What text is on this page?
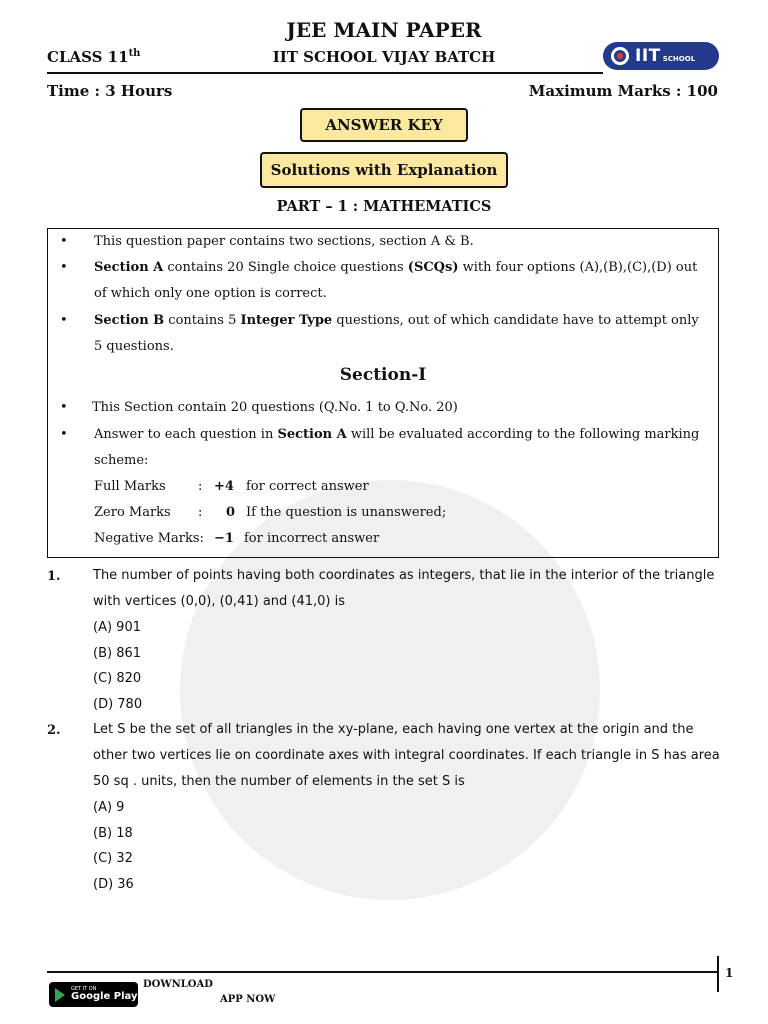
JEE MAIN PAPER
CLASS 11th	IIT SCHOOL VIJAY BATCH	IIT SCHOOL
Time : 3 Hours	Maximum Marks : 100
ANSWER KEY
Solutions with Explanation
PART – 1 : MATHEMATICS
• This question paper contains two sections, section A & B.
• Section A contains 20 Single choice questions (SCQs) with four options (A),(B),(C),(D) out of which only one option is correct.
• Section B contains 5 Integer Type questions, out of which candidate have to attempt only 5 questions.
Section-I
• This Section contain 20 questions (Q.No. 1 to Q.No. 20)
• Answer to each question in Section A will be evaluated according to the following marking scheme:
Full Marks : +4 for correct answer
Zero Marks : 0 If the question is unanswered;
Negative Marks: −1 for incorrect answer
1. The number of points having both coordinates as integers, that lie in the interior of the triangle with vertices (0,0), (0,41) and (41,0) is
(A) 901
(B) 861
(C) 820
(D) 780
2. Let S be the set of all triangles in the xy-plane, each having one vertex at the origin and the other two vertices lie on coordinate axes with integral coordinates. If each triangle in S has area 50 sq . units, then the number of elements in the set S is
(A) 9
(B) 18
(C) 32
(D) 36
1
GET IT ON
Google Play
DOWNLOAD
APP NOW
